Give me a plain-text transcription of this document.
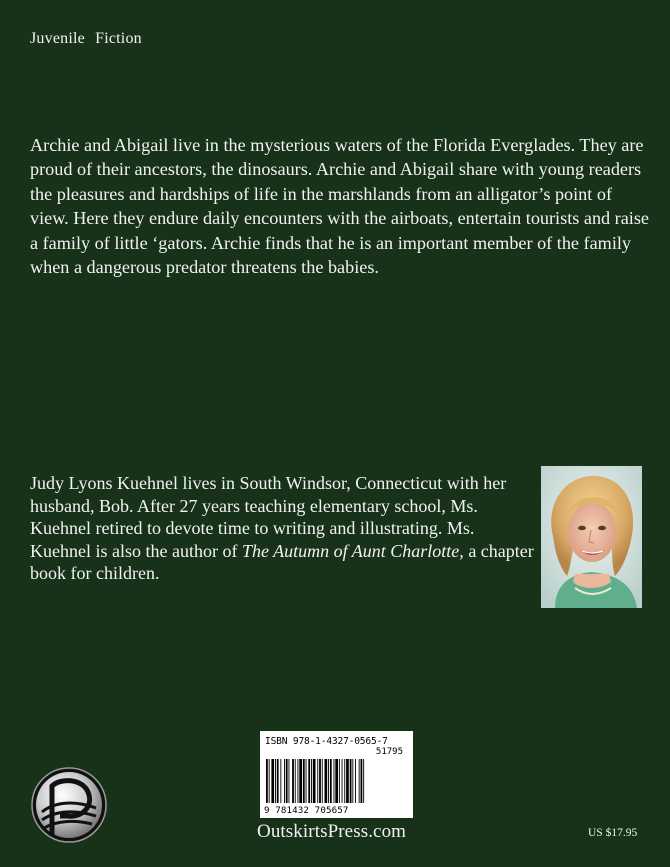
Juvenile Fiction

Archie and Abigail live in the mysterious waters of the Florida Everglades. They are proud of their ancestors, the dinosaurs. Archie and Abigail share with young readers the pleasures and hardships of life in the marshlands from an alligator’s point of view. Here they endure daily encounters with the airboats, entertain tourists and raise a family of little ‘gators. Archie finds that he is an important member of the family when a dangerous predator threatens the babies.

Judy Lyons Kuehnel lives in South Windsor, Connecticut with her husband, Bob. After 27 years teaching elementary school, Ms. Kuehnel retired to devote time to writing and illustrating. Ms. Kuehnel is also the author of The Autumn of Aunt Charlotte, a chapter book for children.

ISBN 978-1-4327-0565-7
51795
9 781432 705657
OutskirtsPress.com	US $17.95
